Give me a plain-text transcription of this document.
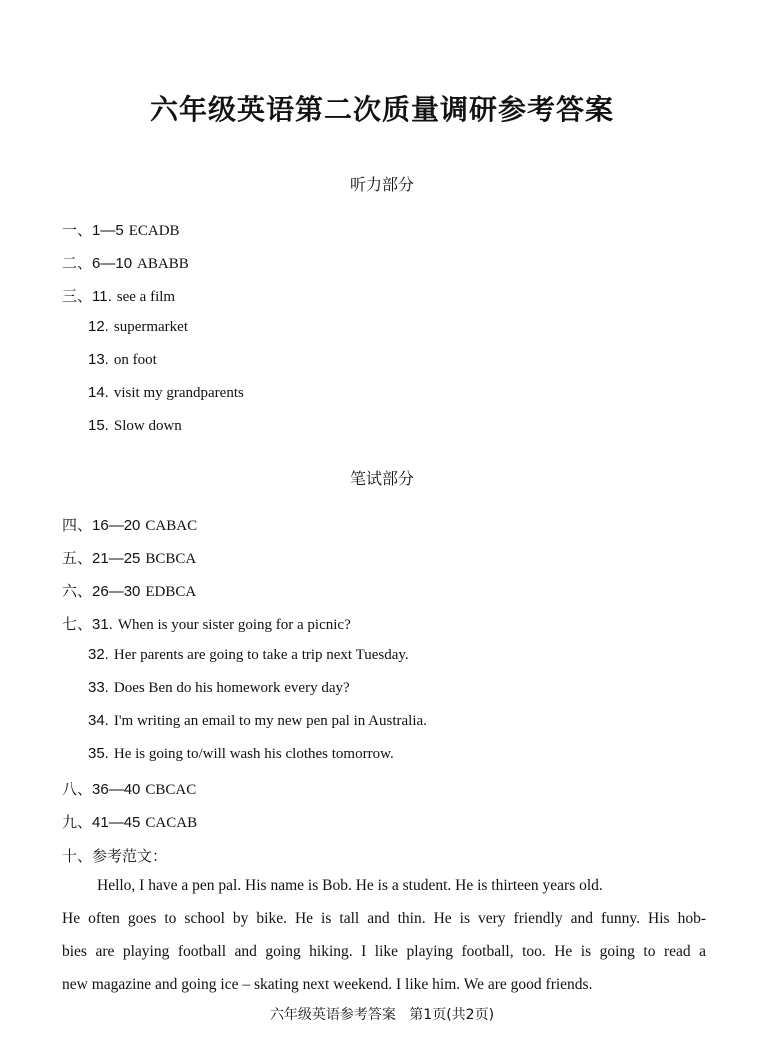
六年级英语第二次质量调研参考答案
听力部分
一、1—5 ECADB
二、6—10 ABABB
三、11. see a film
12. supermarket
13. on foot
14. visit my grandparents
15. Slow down
笔试部分
四、16—20 CABAC
五、21—25 BCBCA
六、26—30 EDBCA
七、31. When is your sister going for a picnic?
32. Her parents are going to take a trip next Tuesday.
33. Does Ben do his homework every day?
34. I'm writing an email to my new pen pal in Australia.
35. He is going to/will wash his clothes tomorrow.
八、36—40 CBCAC
九、41—45 CACAB
十、参考范文：
Hello, I have a pen pal. His name is Bob. He is a student. He is thirteen years old.
He often goes to school by bike. He is tall and thin. He is very friendly and funny. His hob-
bies are playing football and going hiking. I like playing football, too. He is going to read a
new magazine and going ice – skating next weekend. I like him. We are good friends.
六年级英语参考答案 第1页(共2页)
